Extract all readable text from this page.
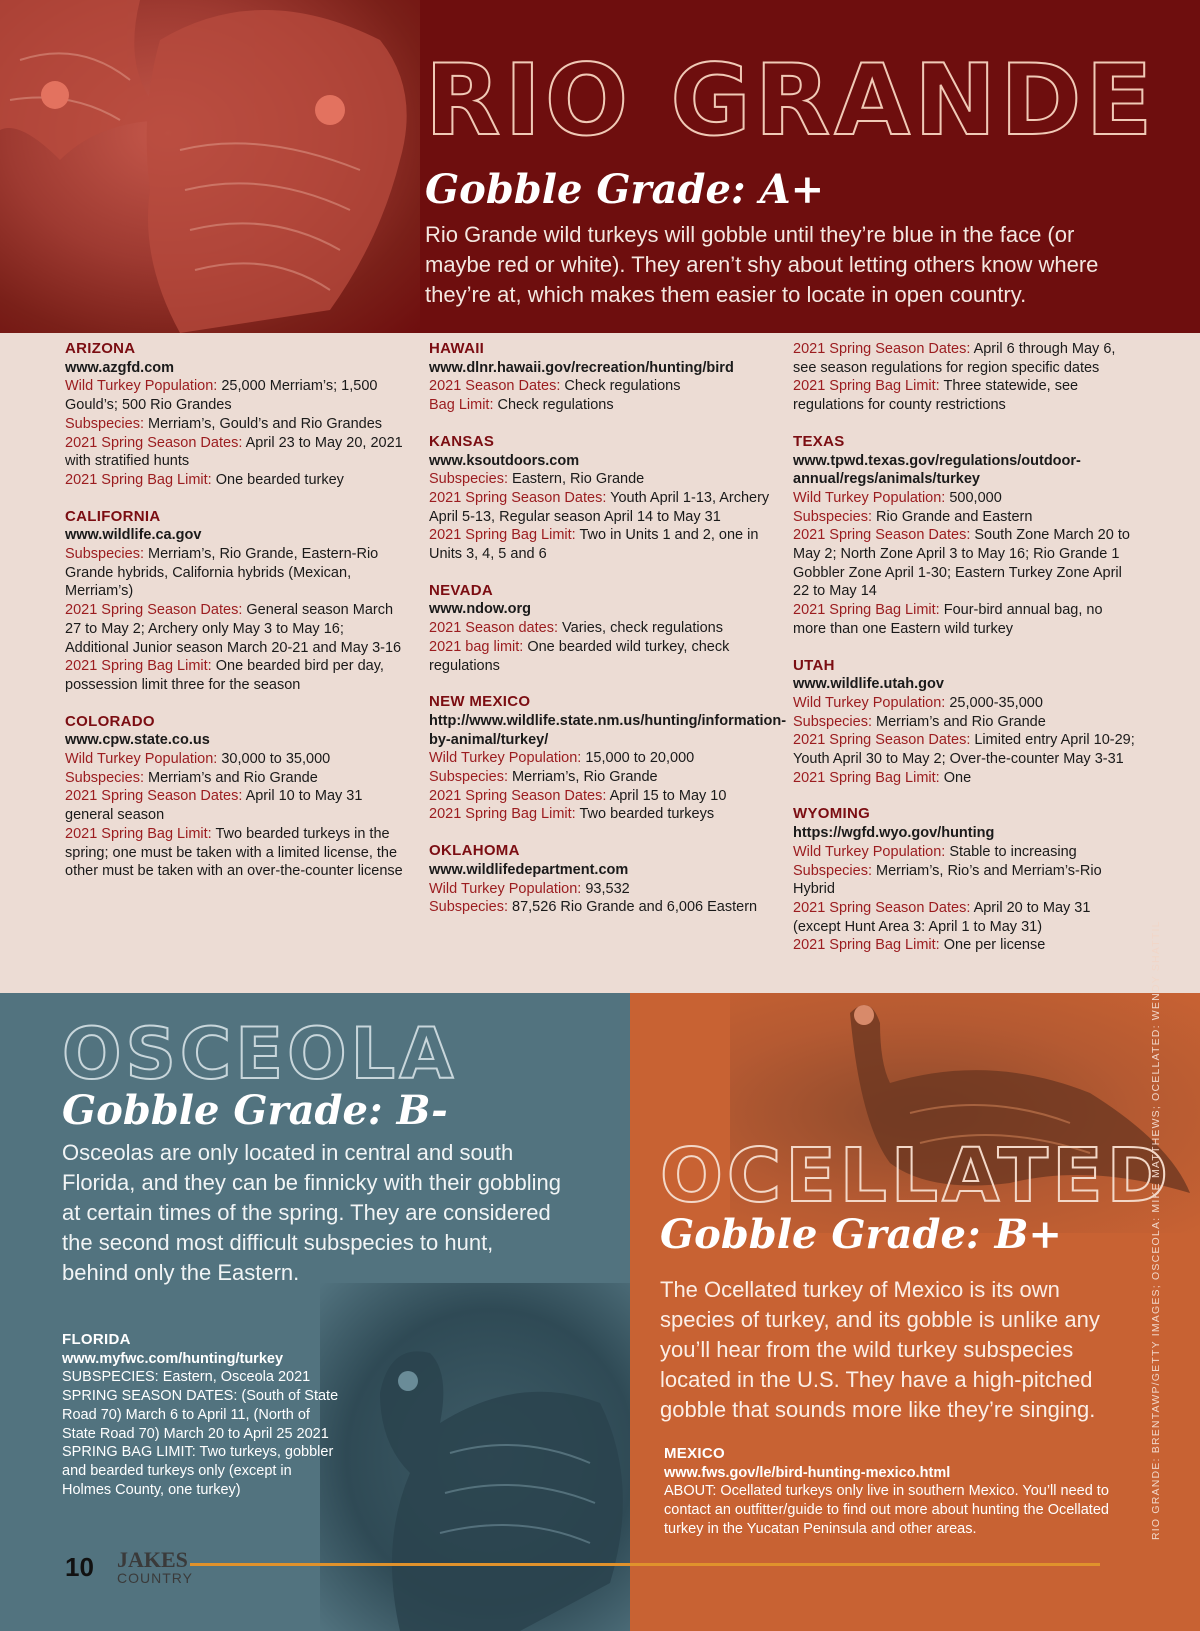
RIO GRANDE
Gobble Grade: A+
Rio Grande wild turkeys will gobble until they’re blue in the face (or maybe red or white). They aren’t shy about letting others know where they’re at, which makes them easier to locate in open country.
ARIZONA
www.azgfd.com
Wild Turkey Population: 25,000 Merriam’s; 1,500 Gould’s; 500 Rio Grandes
Subspecies: Merriam’s, Gould’s and Rio Grandes
2021 Spring Season Dates: April 23 to May 20, 2021 with stratified hunts
2021 Spring Bag Limit: One bearded turkey
CALIFORNIA
www.wildlife.ca.gov
Subspecies: Merriam’s, Rio Grande, Eastern-Rio Grande hybrids, California hybrids (Mexican, Merriam’s)
2021 Spring Season Dates: General season March 27 to May 2; Archery only May 3 to May 16; Additional Junior season March 20-21 and May 3-16
2021 Spring Bag Limit: One bearded bird per day, possession limit three for the season
COLORADO
www.cpw.state.co.us
Wild Turkey Population: 30,000 to 35,000
Subspecies: Merriam’s and Rio Grande
2021 Spring Season Dates: April 10 to May 31 general season
2021 Spring Bag Limit: Two bearded turkeys in the spring; one must be taken with a limited license, the other must be taken with an over-the-counter license
HAWAII
www.dlnr.hawaii.gov/recreation/hunting/bird
2021 Season Dates: Check regulations
Bag Limit: Check regulations
KANSAS
www.ksoutdoors.com
Subspecies: Eastern, Rio Grande
2021 Spring Season Dates: Youth April 1-13, Archery April 5-13, Regular season April 14 to May 31
2021 Spring Bag Limit: Two in Units 1 and 2, one in Units 3, 4, 5 and 6
NEVADA
www.ndow.org
2021 Season dates: Varies, check regulations
2021 bag limit: One bearded wild turkey, check regulations
NEW MEXICO
http://www.wildlife.state.nm.us/hunting/information-by-animal/turkey/
Wild Turkey Population: 15,000 to 20,000
Subspecies: Merriam’s, Rio Grande
2021 Spring Season Dates: April 15 to May 10
2021 Spring Bag Limit: Two bearded turkeys
OKLAHOMA
www.wildlifedepartment.com
Wild Turkey Population: 93,532
Subspecies: 87,526 Rio Grande and 6,006 Eastern
2021 Spring Season Dates: April 6 through May 6, see season regulations for region specific dates
2021 Spring Bag Limit: Three statewide, see regulations for county restrictions
TEXAS
www.tpwd.texas.gov/regulations/outdoor-annual/regs/animals/turkey
Wild Turkey Population: 500,000
Subspecies: Rio Grande and Eastern
2021 Spring Season Dates: South Zone March 20 to May 2; North Zone April 3 to May 16; Rio Grande 1 Gobbler Zone April 1-30; Eastern Turkey Zone April 22 to May 14
2021 Spring Bag Limit: Four-bird annual bag, no more than one Eastern wild turkey
UTAH
www.wildlife.utah.gov
Wild Turkey Population: 25,000-35,000
Subspecies: Merriam’s and Rio Grande
2021 Spring Season Dates: Limited entry April 10-29; Youth April 30 to May 2; Over-the-counter May 3-31
2021 Spring Bag Limit: One
WYOMING
https://wgfd.wyo.gov/hunting
Wild Turkey Population: Stable to increasing
Subspecies: Merriam’s, Rio’s and Merriam’s-Rio Hybrid
2021 Spring Season Dates: April 20 to May 31 (except Hunt Area 3: April 1 to May 31)
2021 Spring Bag Limit: One per license
OSCEOLA
Gobble Grade: B-
Osceolas are only located in central and south Florida, and they can be finnicky with their gobbling at certain times of the spring. They are considered the second most difficult subspecies to hunt, behind only the Eastern.
FLORIDA
www.myfwc.com/hunting/turkey
SUBSPECIES: Eastern, Osceola 2021 SPRING SEASON DATES: (South of State Road 70) March 6 to April 11, (North of State Road 70) March 20 to April 25 2021 SPRING BAG LIMIT: Two turkeys, gobbler and bearded turkeys only (except in Holmes County, one turkey)
OCELLATED
Gobble Grade: B+
The Ocellated turkey of Mexico is its own species of turkey, and its gobble is unlike any you’ll hear from the wild turkey subspecies located in the U.S. They have a high-pitched gobble that sounds more like they’re singing.
MEXICO
www.fws.gov/le/bird-hunting-mexico.html
ABOUT: Ocellated turkeys only live in southern Mexico. You’ll need to contact an outfitter/guide to find out more about hunting the Ocellated turkey in the Yucatan Peninsula and other areas.	RIO GRANDE: BRENTAWP/GETTY IMAGES; OSCEOLA: MIKE MATTHEWS; OCELLATED: WENDY SHATTIL
10 JAKES
COUNTRY
